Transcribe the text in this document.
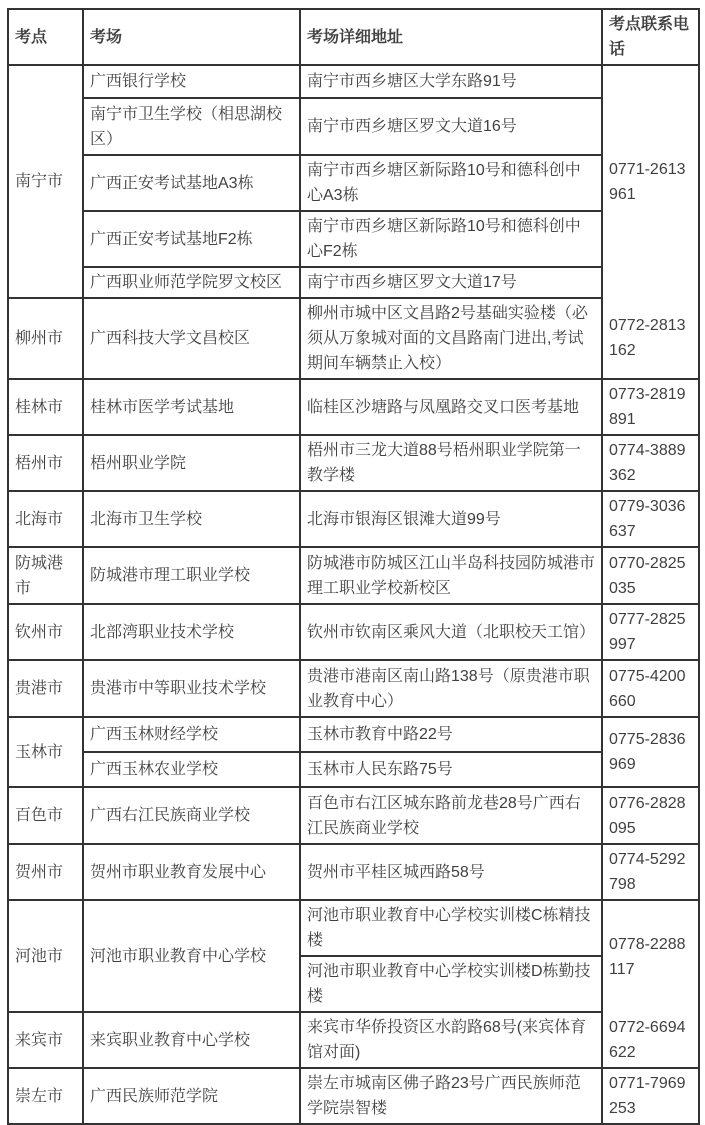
考点	考场	考场详细地址	考点联系电话
南宁市	广西银行学校	南宁市西乡塘区大学东路91号	0771-2613961
	南宁市卫生学校（相思湖校区）	南宁市西乡塘区罗文大道16号	
	广西正安考试基地A3栋	南宁市西乡塘区新际路10号和德科创中心A3栋	
	广西正安考试基地F2栋	南宁市西乡塘区新际路10号和德科创中心F2栋	
	广西职业师范学院罗文校区	南宁市西乡塘区罗文大道17号	
柳州市	广西科技大学文昌校区	柳州市城中区文昌路2号基础实验楼（必须从万象城对面的文昌路南门进出,考试期间车辆禁止入校）	0772-2813162
桂林市	桂林市医学考试基地	临桂区沙塘路与凤凰路交叉口医考基地	0773-2819891
梧州市	梧州职业学院	梧州市三龙大道88号梧州职业学院第一教学楼	0774-3889362
北海市	北海市卫生学校	北海市银海区银滩大道99号	0779-3036637
防城港市	防城港市理工职业学校	防城港市防城区江山半岛科技园防城港市理工职业学校新校区	0770-2825035
钦州市	北部湾职业技术学校	钦州市钦南区乘风大道（北职校天工馆）	0777-2825997
贵港市	贵港市中等职业技术学校	贵港市港南区南山路138号（原贵港市职业教育中心）	0775-4200660
玉林市	广西玉林财经学校	玉林市教育中路22号	0775-2836969
	广西玉林农业学校	玉林市人民东路75号	
百色市	广西右江民族商业学校	百色市右江区城东路前龙巷28号广西右江民族商业学校	0776-2828095
贺州市	贺州市职业教育发展中心	贺州市平桂区城西路58号	0774-5292798
河池市	河池市职业教育中心学校	河池市职业教育中心学校实训楼C栋精技楼	0778-2288117
		河池市职业教育中心学校实训楼D栋勤技楼	
来宾市	来宾职业教育中心学校	来宾市华侨投资区水韵路68号(来宾体育馆对面)	0772-6694622
崇左市	广西民族师范学院	崇左市城南区佛子路23号广西民族师范学院崇智楼	0771-7969253
